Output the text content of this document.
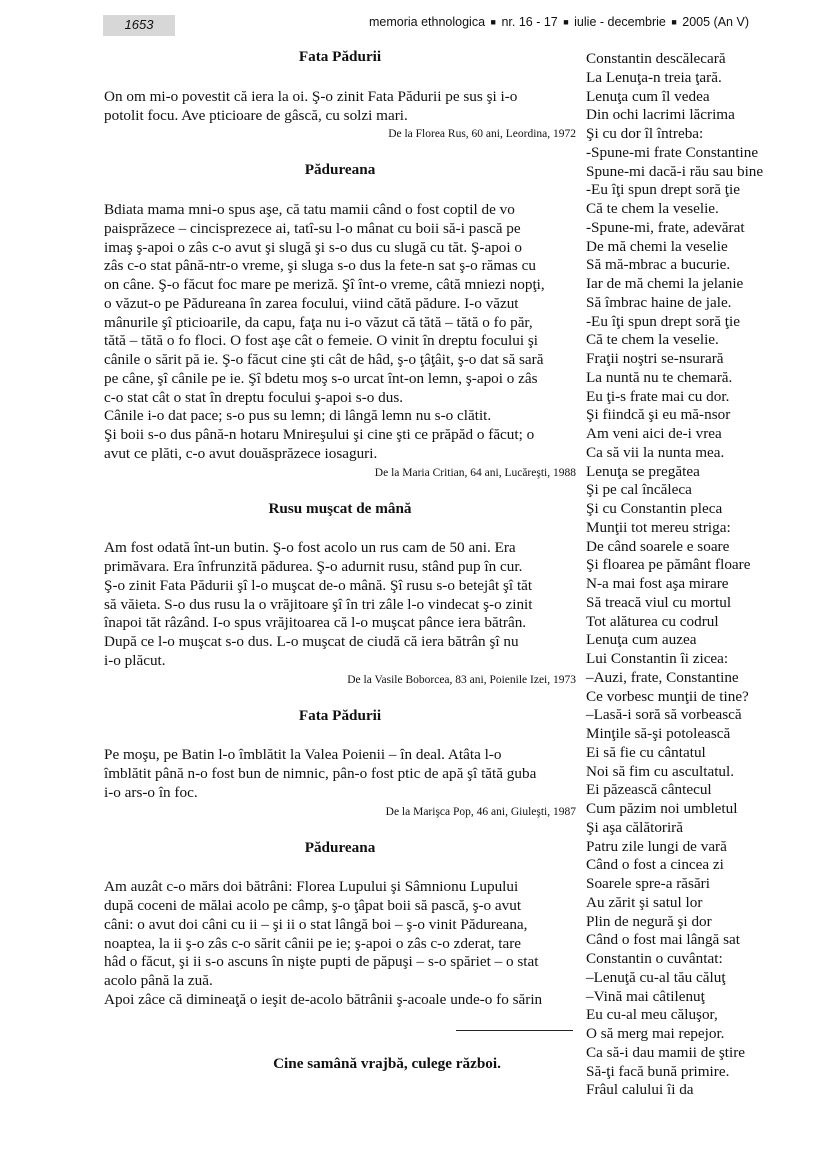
1653	memoria ethnologica ■ nr. 16 - 17 ■ iulie - decembrie ■ 2005 (An V)
Fata Pădurii
On om mi-o povestit că iera la oi. Ş-o zinit Fata Pădurii pe sus şi i-o
potolit focu. Ave pticioare de gâscă, cu solzi mari.
De la Florea Rus, 60 ani, Leordina, 1972
Pădureana
Bdiata mama mni-o spus aşe, că tatu mamii când o fost coptil de vo
paisprăzece – cincisprezece ai, tatî-su l-o mânat cu boii să-i pască pe
imaş ş-apoi o zâs c-o avut şi slugă şi s-o dus cu slugă cu tăt. Ş-apoi o
zâs c-o stat până-ntr-o vreme, şi sluga s-o dus la fete-n sat ş-o rămas cu
on câne. Ş-o făcut foc mare pe meriză. Şî înt-o vreme, câtă mniezi nopţi,
o văzut-o pe Pădureana în zarea focului, viind cătă pădure. I-o văzut
mânurile şî pticioarile, da capu, faţa nu i-o văzut că tătă – tătă o fo păr,
tătă – tătă o fo floci. O fost aşe cât o femeie. O vinit în dreptu focului şi
cânile o sărit pă ie. Ş-o făcut cine şti cât de hâd, ş-o ţâţâit, ş-o dat să sară
pe câne, şî cânile pe ie. Şî bdetu moş s-o urcat înt-on lemn, ş-apoi o zâs
c-o stat cât o stat în dreptu focului ş-apoi s-o dus.
Cânile i-o dat pace; s-o pus su lemn; di lângă lemn nu s-o clătit.
Şi boii s-o dus până-n hotaru Mnireşului şi cine şti ce prăpăd o făcut; o
avut ce plăti, c-o avut douăsprăzece iosaguri.
De la Maria Critian, 64 ani, Lucăreşti, 1988
Rusu muşcat de mână
Am fost odată înt-un butin. Ş-o fost acolo un rus cam de 50 ani. Era
primăvara. Era înfrunzită pădurea. Ş-o adurnit rusu, stând pup în cur.
Ş-o zinit Fata Pădurii şî l-o muşcat de-o mână. Şî rusu s-o betejât şî tăt
să văieta. S-o dus rusu la o vrăjitoare şî în tri zâle l-o vindecat ş-o zinit
înapoi tăt râzând. I-o spus vrăjitoarea că l-o muşcat pânce iera bătrân.
După ce l-o muşcat s-o dus. L-o muşcat de ciudă că iera bătrân şî nu
i-o plăcut.
De la Vasile Boborcea, 83 ani, Poienile Izei, 1973
Fata Pădurii
Pe moşu, pe Batin l-o îmblătit la Valea Poienii – în deal. Atâta l-o
îmblătit până n-o fost bun de nimnic, pân-o fost ptic de apă şî tătă guba
i-o ars-o în foc.
De la Marişca Pop, 46 ani, Giuleşti, 1987
Pădureana
Am auzât c-o mărs doi bătrâni: Florea Lupului şi Sâmnionu Lupului
după coceni de mălai acolo pe câmp, ş-o ţâpat boii să pască, ş-o avut
câni: o avut doi câni cu ii – şi ii o stat lângă boi – ş-o vinit Pădureana,
noaptea, la ii ş-o zâs c-o sărit cânii pe ie; ş-apoi o zâs c-o zderat, tare
hâd o făcut, şi ii s-o ascuns în nişte pupti de păpuşi – s-o spăriet – o stat
acolo până la zuă.
Apoi zâce că dimineaţă o ieşit de-acolo bătrânii ş-acoale unde-o fo sărin
Cine samână vrajbă, culege război.
Constantin descălecară
La Lenuţa-n treia ţară.
Lenuţa cum îl vedea
Din ochi lacrimi lăcrima
Şi cu dor îl întreba:
-Spune-mi frate Constantine
Spune-mi dacă-i rău sau bine
-Eu îţi spun drept soră ţie
Că te chem la veselie.
-Spune-mi, frate, adevărat
De mă chemi la veselie
Să mă-mbrac a bucurie.
Iar de mă chemi la jelanie
Să îmbrac haine de jale.
-Eu îţi spun drept soră ţie
Că te chem la veselie.
Fraţii noştri se-nsurară
La nuntă nu te chemară.
Eu ţi-s frate mai cu dor.
Şi fiindcă şi eu mă-nsor
Am veni aici de-i vrea
Ca să vii la nunta mea.
Lenuţa se pregătea
Şi pe cal încăleca
Şi cu Constantin pleca
Munţii tot mereu striga:
De când soarele e soare
Şi floarea pe pământ floare
N-a mai fost aşa mirare
Să treacă viul cu mortul
Tot alăturea cu codrul
Lenuţa cum auzea
Lui Constantin îi zicea:
–Auzi, frate, Constantine
Ce vorbesc munţii de tine?
–Lasă-i soră să vorbească
Minţile să-şi potolească
Ei să fie cu cântatul
Noi să fim cu ascultatul.
Ei păzească cântecul
Cum păzim noi umbletul
Şi aşa călătoriră
Patru zile lungi de vară
Când o fost a cincea zi
Soarele spre-a răsări
Au zărit şi satul lor
Plin de negură şi dor
Când o fost mai lângă sat
Constantin o cuvântat:
–Lenuţă cu-al tău căluţ
–Vină mai câtilenuţ
Eu cu-al meu căluşor,
O să merg mai repejor.
Ca să-i dau mamii de ştire
Să-ţi facă bună primire.
Frâul calului îi da
